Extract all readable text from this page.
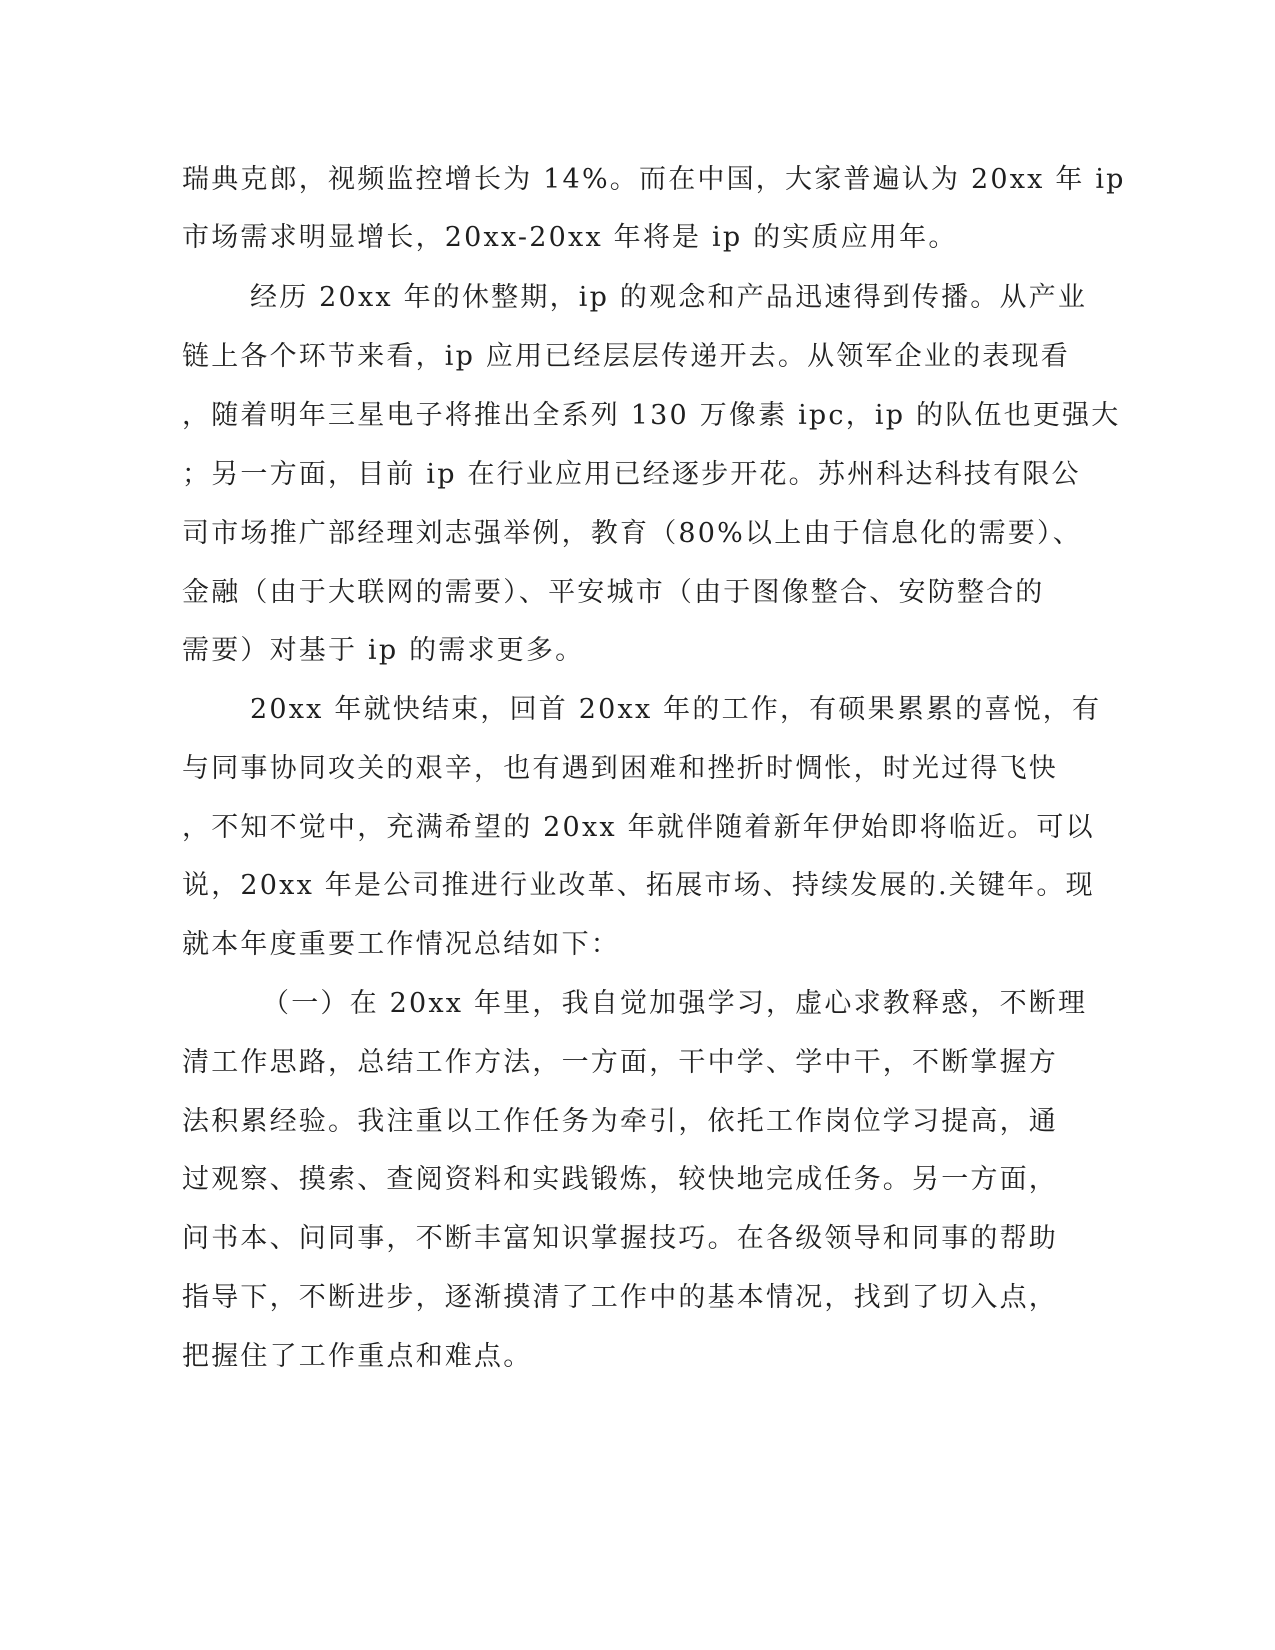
瑞典克郎，视频监控增长为 14%。而在中国，大家普遍认为 20xx 年 ip
市场需求明显增长，20xx-20xx 年将是 ip 的实质应用年。
经历 20xx 年的休整期，ip 的观念和产品迅速得到传播。从产业
链上各个环节来看，ip 应用已经层层传递开去。从领军企业的表现看
，随着明年三星电子将推出全系列 130 万像素 ipc，ip 的队伍也更强大
；另一方面，目前 ip 在行业应用已经逐步开花。苏州科达科技有限公
司市场推广部经理刘志强举例，教育（80%以上由于信息化的需要）、
金融（由于大联网的需要）、平安城市（由于图像整合、安防整合的
需要）对基于 ip 的需求更多。
20xx 年就快结束，回首 20xx 年的工作，有硕果累累的喜悦，有
与同事协同攻关的艰辛，也有遇到困难和挫折时惆怅，时光过得飞快
，不知不觉中，充满希望的 20xx 年就伴随着新年伊始即将临近。可以
说，20xx 年是公司推进行业改革、拓展市场、持续发展的.关键年。现
就本年度重要工作情况总结如下：
（一）在 20xx 年里，我自觉加强学习，虚心求教释惑，不断理
清工作思路，总结工作方法，一方面，干中学、学中干，不断掌握方
法积累经验。我注重以工作任务为牵引，依托工作岗位学习提高，通
过观察、摸索、查阅资料和实践锻炼，较快地完成任务。另一方面，
问书本、问同事，不断丰富知识掌握技巧。在各级领导和同事的帮助
指导下，不断进步，逐渐摸清了工作中的基本情况，找到了切入点，
把握住了工作重点和难点。
